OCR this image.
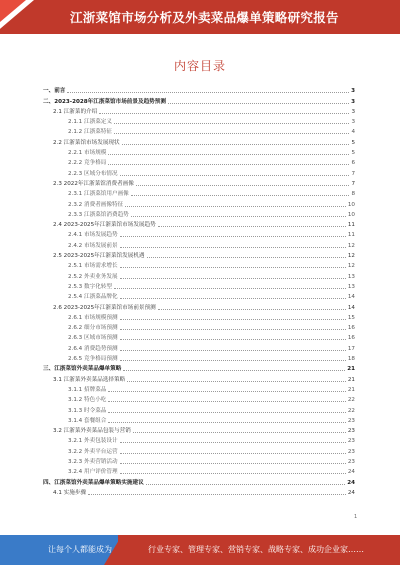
江浙菜馆市场分析及外卖菜品爆单策略研究报告
内容目录
一、前言	3
二、2023-2028年江浙菜馆市场前景及趋势预测	3
2.1 江浙菜的介绍	3
2.1.1 江浙菜定义	3
2.1.2 江浙菜特征	4
2.2 江浙菜馆市场发展现状	5
2.2.1 市场规模	5
2.2.2 竞争格局	6
2.2.3 区域分布情况	7
2.3 2022年江浙菜馆消费者画像	7
2.3.1 江浙菜馆用户画像	8
2.3.2 消费者画像特征	10
2.3.3 江浙菜馆消费趋势	10
2.4 2023-2025年江浙菜馆市场发展趋势	11
2.4.1 市场发展趋势	11
2.4.2 市场发展前景	12
2.5 2023-2025年江浙菜馆发展机遇	12
2.5.1 市场需求增长	12
2.5.2 外卖业务发展	13
2.5.3 数字化转型	13
2.5.4 江浙菜品牌化	14
2.6 2023-2025年江浙菜馆市场前景预测	14
2.6.1 市场规模预测	15
2.6.2 细分市场预测	16
2.6.3 区域市场预测	16
2.6.4 消费趋势预测	17
2.6.5 竞争格局预测	18
三、江浙菜馆外卖菜品爆单策略	21
3.1 江浙菜外卖菜品选择策略	21
3.1.1 招牌菜品	21
3.1.2 特色小吃	22
3.1.3 时令菜品	22
3.1.4 套餐组合	23
3.2 江浙菜外卖菜品包装与营销	23
3.2.1 外卖包装设计	23
3.2.2 外卖平台运营	23
3.2.3 外卖营销活动	23
3.2.4 用户评价管理	24
四、江浙菜馆外卖菜品爆单策略实施建议	24
4.1 实施步骤	24
1
让每个人都能成为	行业专家、管理专家、营销专家、战略专家、成功企业家……
